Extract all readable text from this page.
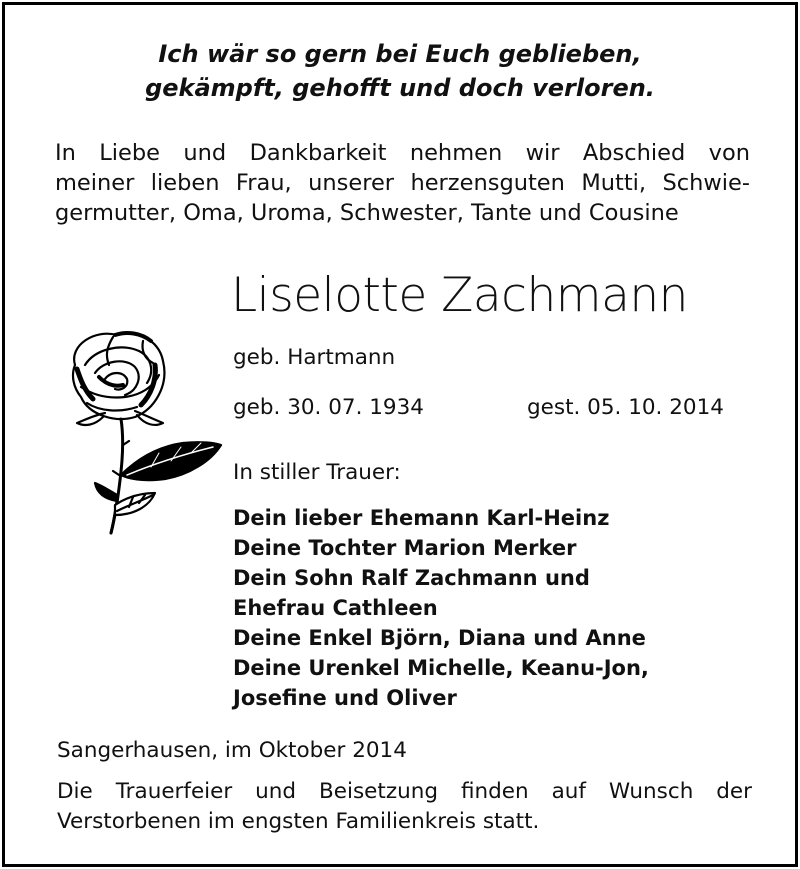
Ich wär so gern bei Euch geblieben,
gekämpft, gehofft und doch verloren.
In Liebe und Dankbarkeit nehmen wir Abschied von
meiner lieben Frau, unserer herzensguten Mutti, Schwie-
germutter, Oma, Uroma, Schwester, Tante und Cousine
Liselotte Zachmann
geb. Hartmann
geb. 30. 07. 1934	gest. 05. 10. 2014
In stiller Trauer:
Dein lieber Ehemann Karl-Heinz
Deine Tochter Marion Merker
Dein Sohn Ralf Zachmann und
Ehefrau Cathleen
Deine Enkel Björn, Diana und Anne
Deine Urenkel Michelle, Keanu-Jon,
Josefine und Oliver
Sangerhausen, im Oktober 2014
Die Trauerfeier und Beisetzung finden auf Wunsch der
Verstorbenen im engsten Familienkreis statt.
